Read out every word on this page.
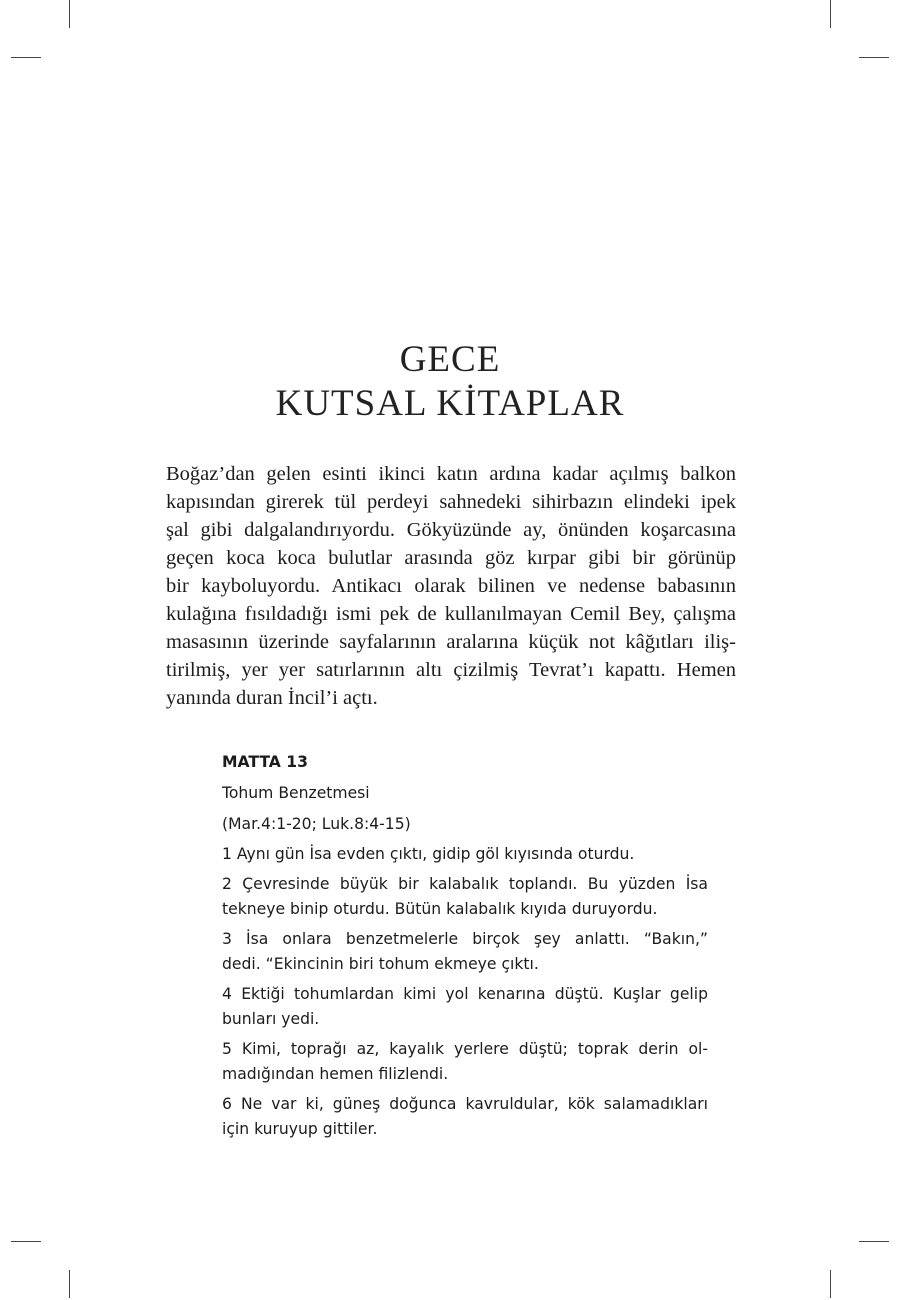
GECE
KUTSAL KİTAPLAR
Boğaz’dan gelen esinti ikinci katın ardına kadar açılmış balkon
kapısından girerek tül perdeyi sahnedeki sihirbazın elindeki ipek
şal gibi dalgalandırıyordu. Gökyüzünde ay, önünden koşarcasına
geçen koca koca bulutlar arasında göz kırpar gibi bir görünüp
bir kayboluyordu. Antikacı olarak bilinen ve nedense babasının
kulağına fısıldadığı ismi pek de kullanılmayan Cemil Bey, çalışma
masasının üzerinde sayfalarının aralarına küçük not kâğıtları iliş-
tirilmiş, yer yer satırlarının altı çizilmiş Tevrat’ı kapattı. Hemen
yanında duran İncil’i açtı.
MATTA 13
Tohum Benzetmesi
(Mar.4:1-20; Luk.8:4-15)
1 Aynı gün İsa evden çıktı, gidip göl kıyısında oturdu.
2 Çevresinde büyük bir kalabalık toplandı. Bu yüzden İsa
tekneye binip oturdu. Bütün kalabalık kıyıda duruyordu.
3 İsa onlara benzetmelerle birçok şey anlattı. “Bakın,”
dedi. “Ekincinin biri tohum ekmeye çıktı.
4 Ektiği tohumlardan kimi yol kenarına düştü. Kuşlar gelip
bunları yedi.
5 Kimi, toprağı az, kayalık yerlere düştü; toprak derin ol-
madığından hemen filizlendi.
6 Ne var ki, güneş doğunca kavruldular, kök salamadıkları
için kuruyup gittiler.
